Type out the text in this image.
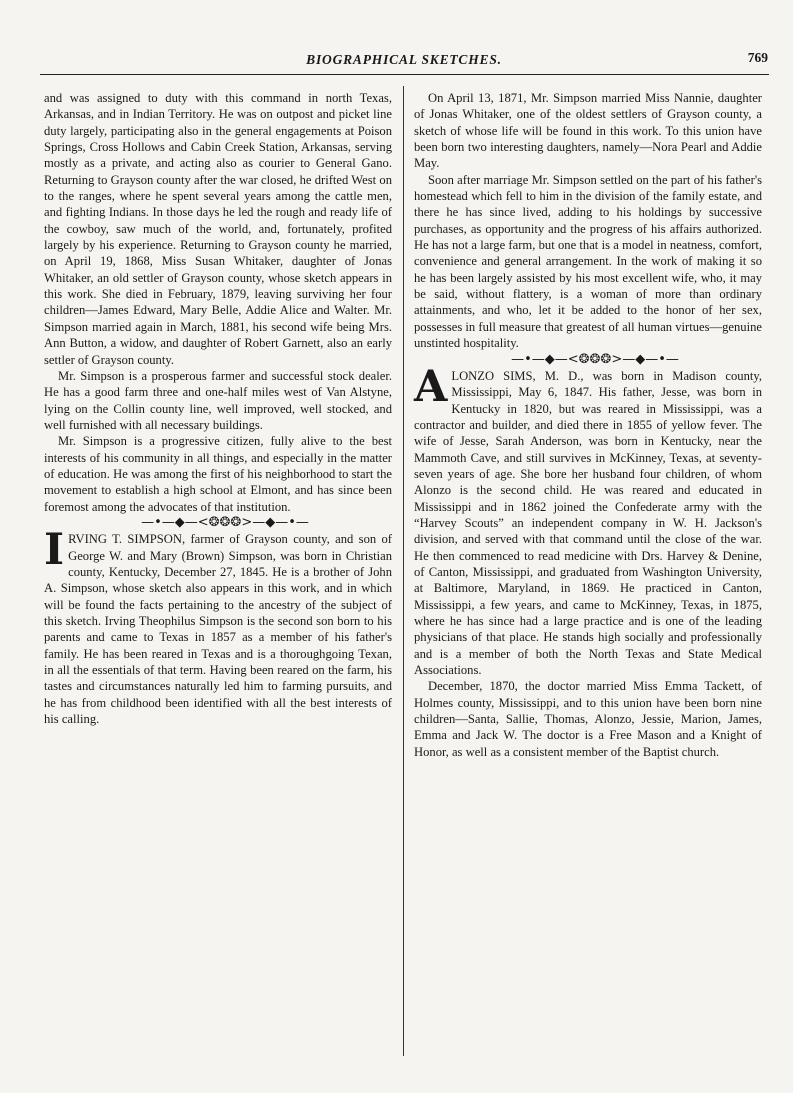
BIOGRAPHICAL SKETCHES.	769

and was assigned to duty with this command in north Texas, Arkansas, and in Indian Territory. He was on outpost and picket line duty largely, participating also in the general engagements at Poison Springs, Cross Hollows and Cabin Creek Station, Arkansas, serving mostly as a private, and acting also as courier to General Gano. Returning to Grayson county after the war closed, he drifted West on to the ranges, where he spent several years among the cattle men, and fighting Indians. In those days he led the rough and ready life of the cowboy, saw much of the world, and, fortunately, profited largely by his experience. Returning to Grayson county he married, on April 19, 1868, Miss Susan Whitaker, daughter of Jonas Whitaker, an old settler of Grayson county, whose sketch appears in this work. She died in February, 1879, leaving surviving her four children—James Edward, Mary Belle, Addie Alice and Walter. Mr. Simpson married again in March, 1881, his second wife being Mrs. Ann Button, a widow, and daughter of Robert Garnett, also an early settler of Grayson county.

Mr. Simpson is a prosperous farmer and successful stock dealer. He has a good farm three and one-half miles west of Van Alstyne, lying on the Collin county line, well improved, well stocked, and well furnished with all necessary buildings.

Mr. Simpson is a progressive citizen, fully alive to the best interests of his community in all things, and especially in the matter of education. He was among the first of his neighborhood to start the movement to establish a high school at Elmont, and has since been foremost among the advocates of that institution.

—•—◆—<❂❂❂>—◆—•—

IRVING T. SIMPSON, farmer of Grayson county, and son of George W. and Mary (Brown) Simpson, was born in Christian county, Kentucky, December 27, 1845. He is a brother of John A. Simpson, whose sketch also appears in this work, and in which will be found the facts pertaining to the ancestry of the subject of this sketch. Irving Theophilus Simpson is the second son born to his parents and came to Texas in 1857 as a member of his father's family. He has been reared in Texas and is a thoroughgoing Texan, in all the essentials of that term. Having been reared on the farm, his tastes and circumstances naturally led him to farming pursuits, and he has from childhood been identified with all the best interests of his calling.

On April 13, 1871, Mr. Simpson married Miss Nannie, daughter of Jonas Whitaker, one of the oldest settlers of Grayson county, a sketch of whose life will be found in this work. To this union have been born two interesting daughters, namely—Nora Pearl and Addie May.

Soon after marriage Mr. Simpson settled on the part of his father's homestead which fell to him in the division of the family estate, and there he has since lived, adding to his holdings by successive purchases, as opportunity and the progress of his affairs authorized. He has not a large farm, but one that is a model in neatness, comfort, convenience and general arrangement. In the work of making it so he has been largely assisted by his most excellent wife, who, it may be said, without flattery, is a woman of more than ordinary attainments, and who, let it be added to the honor of her sex, possesses in full measure that greatest of all human virtues—genuine unstinted hospitality.

—•—◆—<❂❂❂>—◆—•—

ALONZO SIMS, M. D., was born in Madison county, Mississippi, May 6, 1847. His father, Jesse, was born in Kentucky in 1820, but was reared in Mississippi, was a contractor and builder, and died there in 1855 of yellow fever. The wife of Jesse, Sarah Anderson, was born in Kentucky, near the Mammoth Cave, and still survives in McKinney, Texas, at seventy-seven years of age. She bore her husband four children, of whom Alonzo is the second child. He was reared and educated in Mississippi and in 1862 joined the Confederate army with the “Harvey Scouts” an independent company in W. H. Jackson's division, and served with that command until the close of the war. He then commenced to read medicine with Drs. Harvey & Denine, of Canton, Mississippi, and graduated from Washington University, at Baltimore, Maryland, in 1869. He practiced in Canton, Mississippi, a few years, and came to McKinney, Texas, in 1875, where he has since had a large practice and is one of the leading physicians of that place. He stands high socially and professionally and is a member of both the North Texas and State Medical Associations.

December, 1870, the doctor married Miss Emma Tackett, of Holmes county, Mississippi, and to this union have been born nine children—Santa, Sallie, Thomas, Alonzo, Jessie, Marion, James, Emma and Jack W. The doctor is a Free Mason and a Knight of Honor, as well as a consistent member of the Baptist church.
